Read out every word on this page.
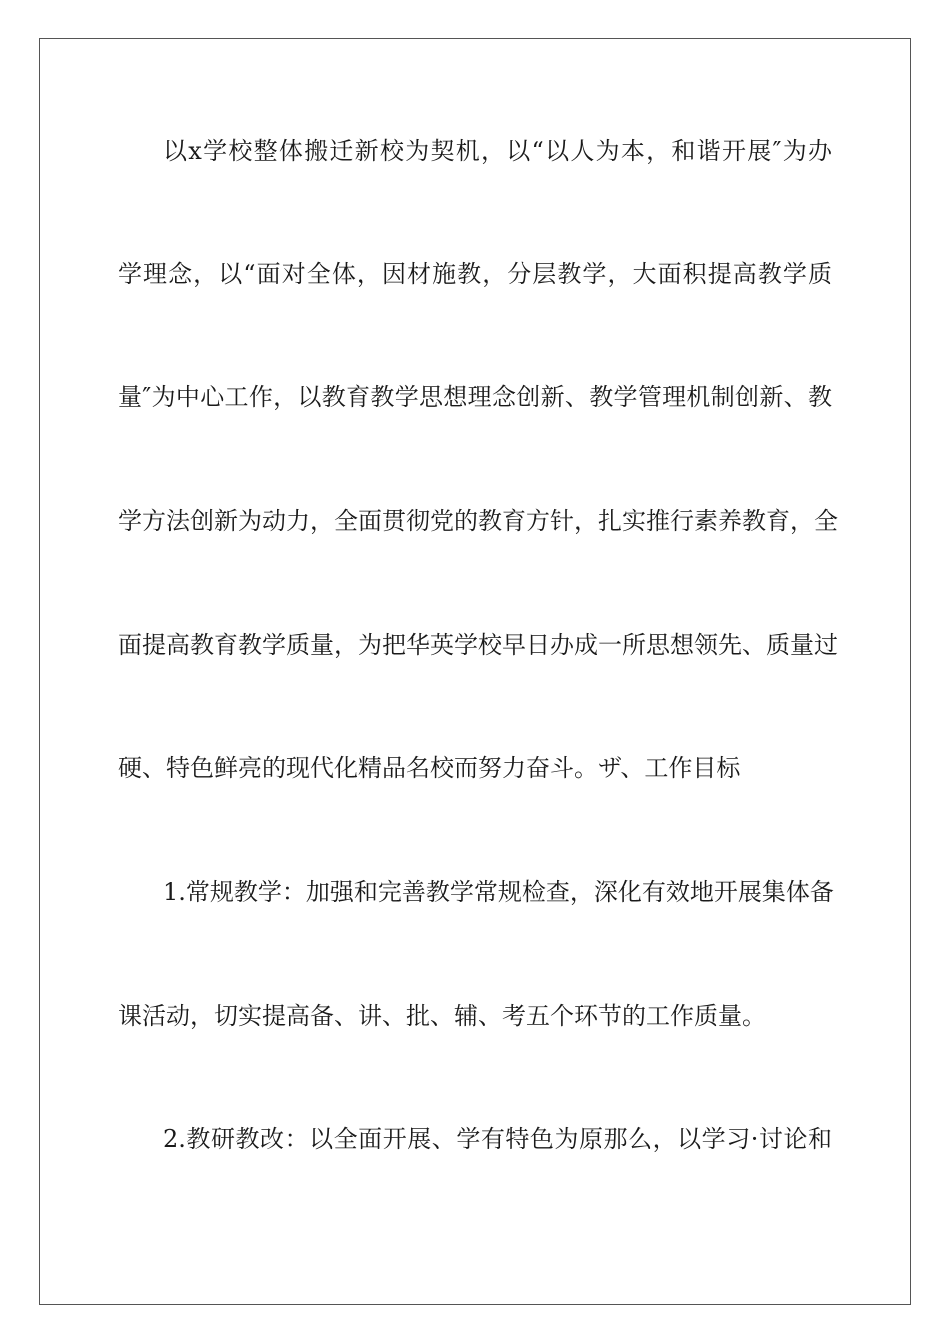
以x学校整体搬迁新校为契机，以“以人为本，和谐开展″为办
学理念，以“面对全体，因材施教，分层教学，大面积提高教学质
量″为中心工作，以教育教学思想理念创新、教学管理机制创新、教
学方法创新为动力，全面贯彻党的教育方针，扎实推行素养教育，全
面提高教育教学质量，为把华英学校早日办成一所思想领先、质量过
硬、特色鲜亮的现代化精品名校而努力奋斗。ザ、工作目标
1.常规教学：加强和完善教学常规检查，深化有效地开展集体备
课活动，切实提高备、讲、批、辅、考五个环节的工作质量。
2.教研教改：以全面开展、学有特色为原那么，以学习·讨论和
